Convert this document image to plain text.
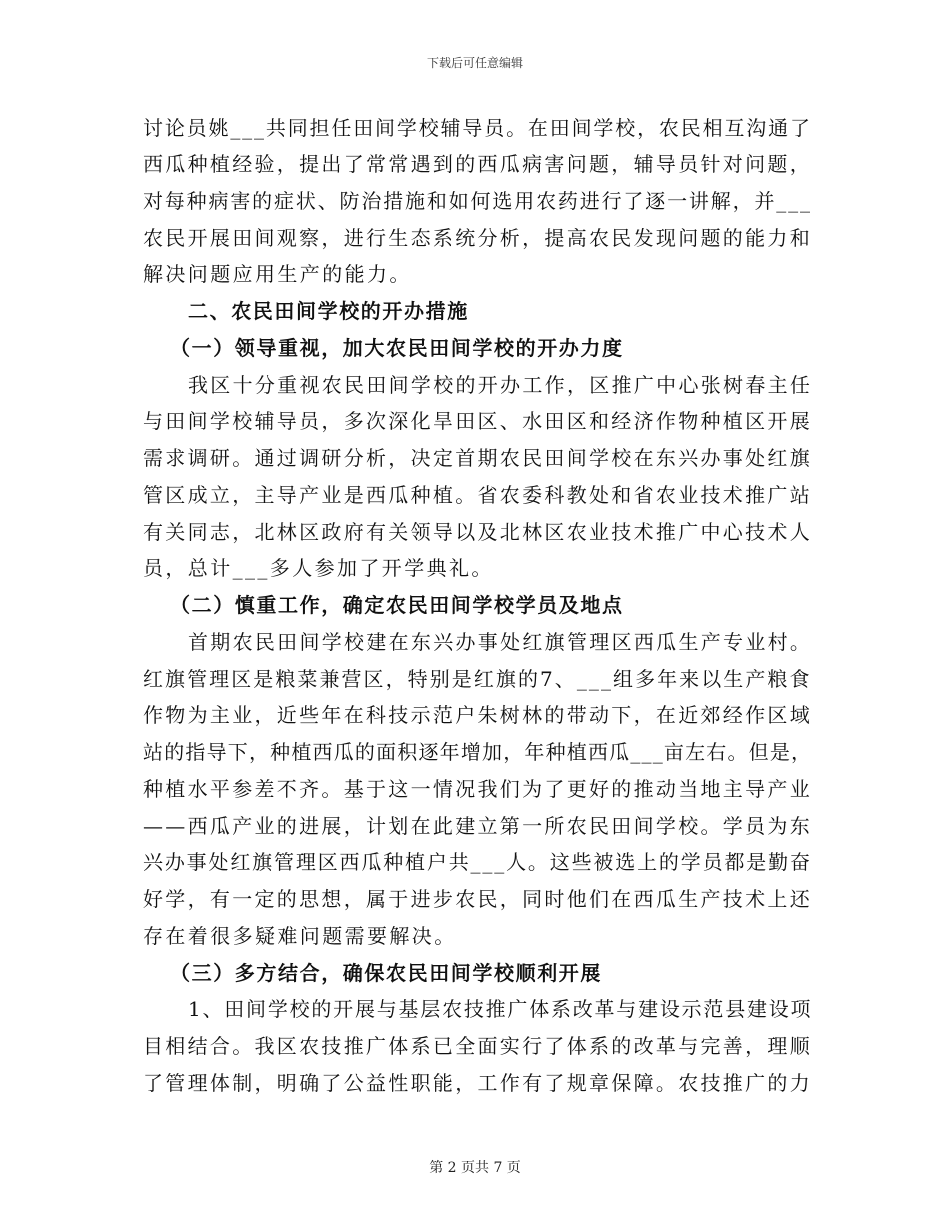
下载后可任意编辑
讨论员姚___共同担任田间学校辅导员。在田间学校，农民相互沟通了
西瓜种植经验，提出了常常遇到的西瓜病害问题，辅导员针对问题，
对每种病害的症状、防治措施和如何选用农药进行了逐一讲解，并___
农民开展田间观察，进行生态系统分析，提高农民发现问题的能力和
解决问题应用生产的能力。
二、农民田间学校的开办措施
（一）领导重视，加大农民田间学校的开办力度
我区十分重视农民田间学校的开办工作，区推广中心张树春主任
与田间学校辅导员，多次深化旱田区、水田区和经济作物种植区开展
需求调研。通过调研分析，决定首期农民田间学校在东兴办事处红旗
管区成立，主导产业是西瓜种植。省农委科教处和省农业技术推广站
有关同志，北林区政府有关领导以及北林区农业技术推广中心技术人
员，总计___多人参加了开学典礼。
（二）慎重工作，确定农民田间学校学员及地点
首期农民田间学校建在东兴办事处红旗管理区西瓜生产专业村。
红旗管理区是粮菜兼营区，特别是红旗的7、___组多年来以生产粮食
作物为主业，近些年在科技示范户朱树林的带动下，在近郊经作区域
站的指导下，种植西瓜的面积逐年增加，年种植西瓜___亩左右。但是，
种植水平参差不齐。基于这一情况我们为了更好的推动当地主导产业
——西瓜产业的进展，计划在此建立第一所农民田间学校。学员为东
兴办事处红旗管理区西瓜种植户共___人。这些被选上的学员都是勤奋
好学，有一定的思想，属于进步农民，同时他们在西瓜生产技术上还
存在着很多疑难问题需要解决。
（三）多方结合，确保农民田间学校顺利开展
1、田间学校的开展与基层农技推广体系改革与建设示范县建设项
目相结合。我区农技推广体系已全面实行了体系的改革与完善，理顺
了管理体制，明确了公益性职能，工作有了规章保障。农技推广的力
第 2 页共 7 页
